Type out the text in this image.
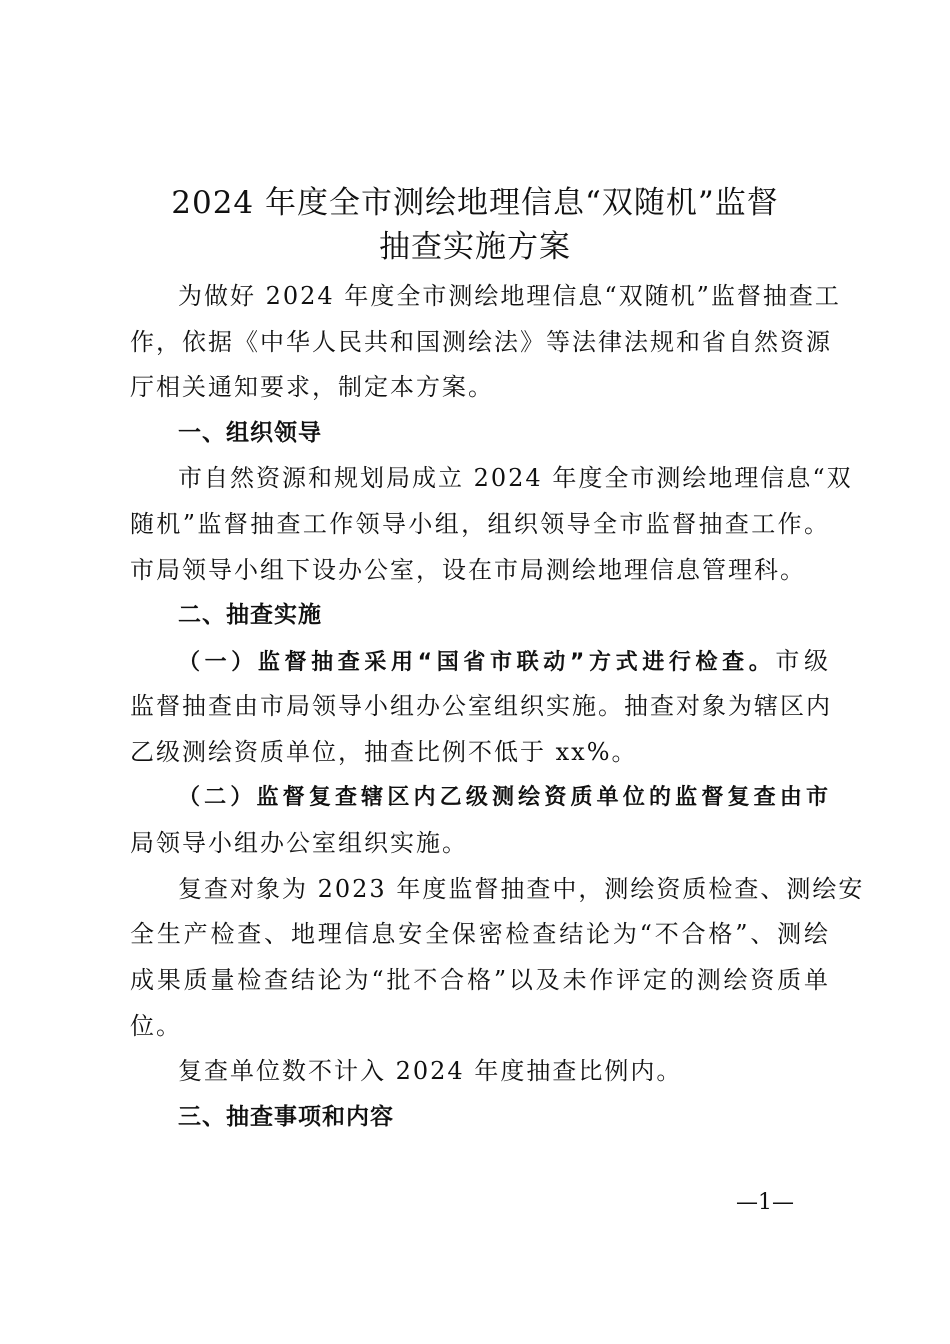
2024 年度全市测绘地理信息“双随机”监督
抽查实施方案
为做好 2024 年度全市测绘地理信息“双随机”监督抽查工
作，依据《中华人民共和国测绘法》等法律法规和省自然资源
厅相关通知要求，制定本方案。
一、组织领导
市自然资源和规划局成立 2024 年度全市测绘地理信息“双
随机”监督抽查工作领导小组，组织领导全市监督抽查工作。
市局领导小组下设办公室，设在市局测绘地理信息管理科。
二、抽查实施
（一）监督抽查采用“国省市联动”方式进行检查。市级
监督抽查由市局领导小组办公室组织实施。抽查对象为辖区内
乙级测绘资质单位，抽查比例不低于 xx%。
（二）监督复查辖区内乙级测绘资质单位的监督复查由市
局领导小组办公室组织实施。
复查对象为 2023 年度监督抽查中，测绘资质检查、测绘安
全生产检查、地理信息安全保密检查结论为“不合格”、测绘
成果质量检查结论为“批不合格”以及未作评定的测绘资质单
位。
复查单位数不计入 2024 年度抽查比例内。
三、抽查事项和内容
—1—
